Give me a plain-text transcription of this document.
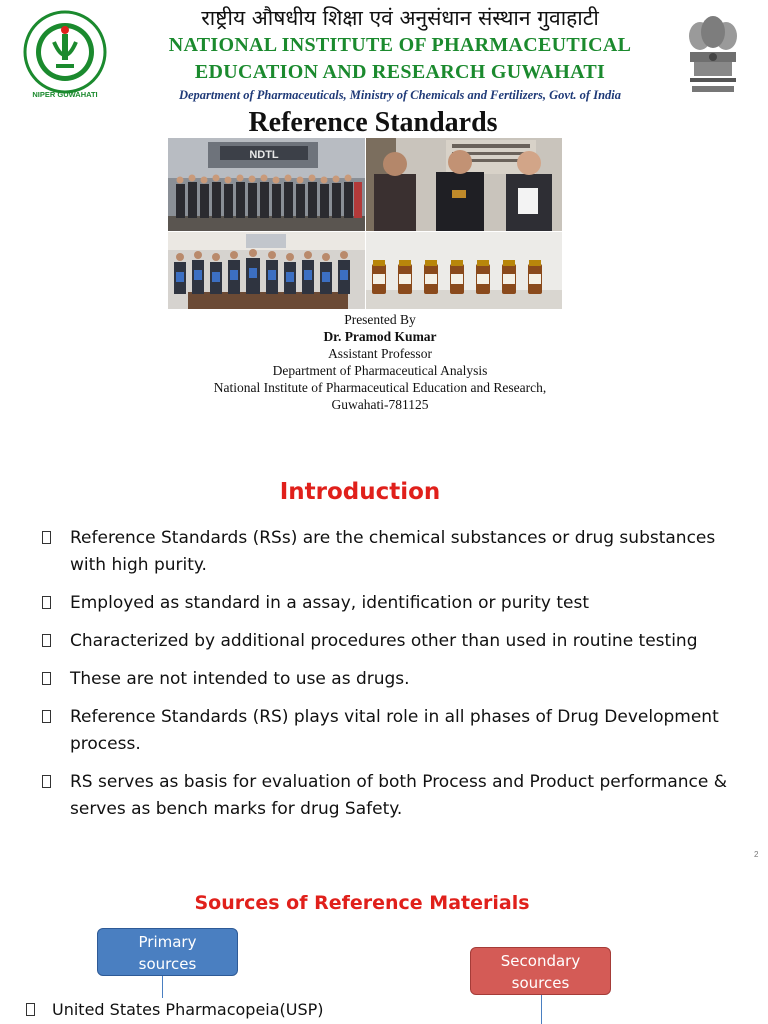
NIPER GUWAHATI
राष्ट्रीय औषधीय शिक्षा एवं अनुसंधान संस्थान गुवाहाटी
NATIONAL INSTITUTE OF PHARMACEUTICAL
EDUCATION AND RESEARCH GUWAHATI
Department of Pharmaceuticals, Ministry of Chemicals and Fertilizers, Govt. of India
Reference Standards
NDTL
Presented By
Dr. Pramod Kumar
Assistant Professor
Department of Pharmaceutical Analysis
National Institute of Pharmaceutical Education and Research,
Guwahati-781125
Introduction
Reference Standards (RSs) are the chemical substances or drug substances with high purity.
Employed as standard in a assay, identification or purity test
Characterized by additional procedures other than used in routine testing
These are not intended to use as drugs.
Reference Standards (RS) plays vital role in all phases of Drug Development process.
RS serves as basis for evaluation of both Process and Product performance & serves as bench marks for drug Safety.
2
Sources of Reference Materials
Primary
sources	Secondary
sources
United States Pharmacopeia(USP)
